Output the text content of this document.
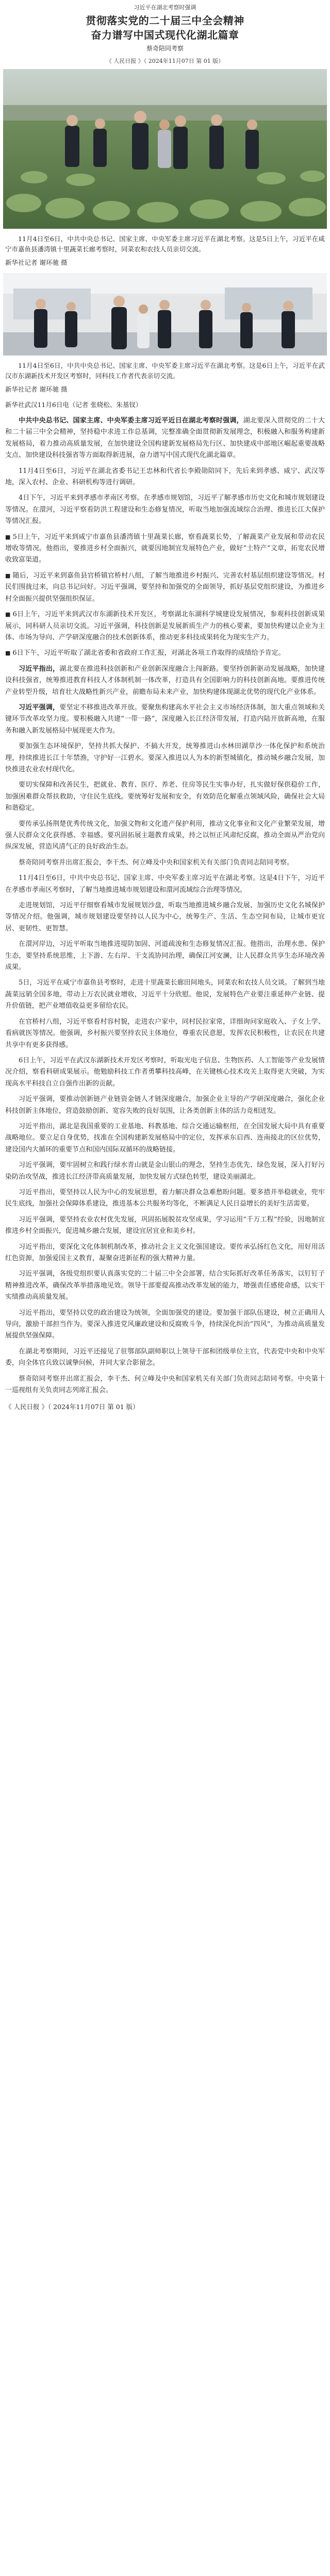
习近平在湖北考察时强调
贯彻落实党的二十届三中全会精神
奋力谱写中国式现代化湖北篇章
蔡奇陪同考察
《 人民日报 》（ 2024年11月07日 第 01 版）
11月4日至6日，中共中央总书记、国家主席、中央军委主席习近平在湖北考察。这是5日上午，习近平在咸宁市嘉鱼县潘湾镇十里蔬菜长廊考察时，同菜农和农技人员亲切交流。
新华社记者 谢环驰 摄
11月4日至6日，中共中央总书记、国家主席、中央军委主席习近平在湖北考察。这是6日上午，习近平在武汉市东湖新技术开发区考察时，同科技工作者代表亲切交流。
新华社记者 谢环驰 摄
新华社武汉11月6日电（记者 张晓松、朱基钗）

中共中央总书记、国家主席、中央军委主席习近平近日在湖北考察时强调，湖北要深入贯彻党的二十大和二十届三中全会精神，坚持稳中求进工作总基调，完整准确全面贯彻新发展理念，积极融入和服务构建新发展格局，着力推动高质量发展，在加快建设全国构建新发展格局先行区、加快建成中部地区崛起重要战略支点、加快建设科技强省等方面取得新进展，奋力谱写中国式现代化湖北篇章。

11月4日至6日，习近平在湖北省委书记王忠林和代省长李殿勋陪同下，先后来到孝感、咸宁、武汉等地，深入农村、企业、科研机构等进行调研。

4日下午，习近平来到孝感市孝南区考察。在孝感市规划馆，习近平了解孝感市历史文化和城市规划建设等情况。在澴河，习近平察看防洪工程建设和生态修复情况，听取当地加强流域综合治理、推进长江大保护等情况汇报。

■ 5日上午，习近平来到咸宁市嘉鱼县潘湾镇十里蔬菜长廊，察看蔬菜长势，了解蔬菜产业发展和带动农民增收等情况。他指出，要推进乡村全面振兴，就要因地制宜发展特色产业，做好“土特产”文章，拓宽农民增收致富渠道。

■ 随后，习近平来到嘉鱼县官桥镇官桥村八组，了解当地推进乡村振兴、完善农村基层组织建设等情况。村民们围拢过来，向总书记问好。习近平强调，要坚持和加强党的全面领导，抓好基层党组织建设，为推进乡村全面振兴提供坚强组织保证。

■ 6日上午，习近平来到武汉市东湖新技术开发区，考察湖北东湖科学城建设发展情况，参观科技创新成果展示，同科研人员亲切交流。习近平强调，科技创新是发展新质生产力的核心要素，要加快构建以企业为主体、市场为导向、产学研深度融合的技术创新体系，推动更多科技成果转化为现实生产力。

■ 6日下午，习近平听取了湖北省委和省政府工作汇报，对湖北各项工作取得的成绩给予肯定。

习近平指出，湖北要在推进科技创新和产业创新深度融合上闯新路。要坚持创新驱动发展战略，加快建设科技强省，统筹推进教育科技人才体制机制一体改革，打造具有全国影响力的科技创新高地。要推进传统产业转型升级，培育壮大战略性新兴产业，前瞻布局未来产业，加快构建体现湖北优势的现代化产业体系。

习近平强调，要坚定不移推进改革开放。要聚焦构建高水平社会主义市场经济体制，加大重点领域和关键环节改革攻坚力度。要积极融入共建“一带一路”，深度融入长江经济带发展，打造内陆开放新高地，在服务和融入新发展格局中展现更大作为。

要加强生态环境保护，坚持共抓大保护、不搞大开发，统筹推进山水林田湖草沙一体化保护和系统治理，持续推进长江十年禁渔，守护好一江碧水。要深入推进以人为本的新型城镇化，推动城乡融合发展，加快推进农业农村现代化。

要切实保障和改善民生，把就业、教育、医疗、养老、住房等民生实事办好，扎实做好保供稳价工作，加强困难群众帮扶救助，守住民生底线。要统筹好发展和安全，有效防范化解重点领域风险，确保社会大局和谐稳定。

要传承弘扬荆楚优秀传统文化，加强文物和文化遗产保护利用，推动文化事业和文化产业繁荣发展，增强人民群众文化获得感、幸福感。要巩固拓展主题教育成果，持之以恒正风肃纪反腐，推动全面从严治党向纵深发展，营造风清气正的良好政治生态。

蔡奇陪同考察并出席汇报会，李干杰、何立峰及中央和国家机关有关部门负责同志陪同考察。

11月4日至6日，中共中央总书记、国家主席、中央军委主席习近平在湖北考察。这是4日下午，习近平在孝感市孝南区考察时，了解当地推进城市规划建设和澴河流域综合治理等情况。

走进规划馆，习近平仔细察看城市发展规划沙盘，听取当地推进城乡融合发展、加强历史文化名城保护等情况介绍。他强调，城市规划建设要坚持以人民为中心，统筹生产、生活、生态空间布局，让城市更宜居、更韧性、更智慧。

在澴河岸边，习近平听取当地推进堤防加固、河道疏浚和生态修复情况汇报。他指出，治理水患、保护生态，要坚持系统思维，上下游、左右岸、干支流协同治理，确保江河安澜，让人民群众共享生态环境改善成果。

5日，习近平在咸宁市嘉鱼县考察时，走进十里蔬菜长廊田间地头，同菜农和农技人员交谈。了解到当地蔬菜远销全国多地，带动上万农民就业增收，习近平十分欣慰。他说，发展特色产业要注重延伸产业链、提升价值链，把产业增值收益更多留给农民。

在官桥村八组，习近平察看村容村貌，走进农户家中，同村民拉家常，详细询问家庭收入、子女上学、看病就医等情况。他强调，乡村振兴要坚持农民主体地位，尊重农民意愿，发挥农民积极性，让农民在共建共享中有更多获得感。

6日上午，习近平在武汉东湖新技术开发区考察时，听取光电子信息、生物医药、人工智能等产业发展情况介绍，察看科研成果展示。他勉励科技工作者勇攀科技高峰，在关键核心技术攻关上取得更大突破，为实现高水平科技自立自强作出新的贡献。

习近平强调，要推动创新链产业链资金链人才链深度融合，加强企业主导的产学研深度融合，强化企业科技创新主体地位，营造鼓励创新、宽容失败的良好氛围，让各类创新主体的活力竞相迸发。

习近平指出，湖北是我国重要的工业基地、科教基地、综合交通运输枢纽，在全国发展大局中具有重要战略地位。要立足自身优势，找准在全国构建新发展格局中的定位，发挥承东启西、连南接北的区位优势，建设国内大循环的重要节点和国内国际双循环的战略链接。

习近平强调，要牢固树立和践行绿水青山就是金山银山的理念，坚持生态优先、绿色发展，深入打好污染防治攻坚战，推进长江经济带高质量发展，加快发展方式绿色转型，建设美丽湖北。

习近平指出，要坚持以人民为中心的发展思想，着力解决群众急难愁盼问题。要多措并举稳就业，兜牢民生底线，加强社会保障体系建设，推进基本公共服务均等化，不断满足人民日益增长的美好生活需要。

习近平强调，要坚持农业农村优先发展，巩固拓展脱贫攻坚成果，学习运用“千万工程”经验，因地制宜推进乡村全面振兴，促进城乡融合发展，建设宜居宜业和美乡村。

习近平指出，要深化文化体制机制改革，推动社会主义文化强国建设。要传承弘扬红色文化，用好用活红色资源，加强爱国主义教育，凝聚奋进新征程的强大精神力量。

习近平强调，各级党组织要认真落实党的二十届三中全会部署，结合实际抓好改革任务落实，以钉钉子精神推进改革，确保改革举措落地见效。领导干部要提高推动改革发展的能力，增强责任感使命感，以实干实绩推动高质量发展。

习近平指出，要坚持以党的政治建设为统领，全面加强党的建设。要加强干部队伍建设，树立正确用人导向，激励干部担当作为。要深入推进党风廉政建设和反腐败斗争，持续深化纠治“四风”，为推动高质量发展提供坚强保障。

在湖北考察期间，习近平还接见了驻鄂部队副师职以上领导干部和团级单位主官，代表党中央和中央军委，向全体官兵致以诚挚问候，并同大家合影留念。

蔡奇陪同考察并出席汇报会，李干杰、何立峰及中央和国家机关有关部门负责同志陪同考察。中央第十一巡视组有关负责同志列席汇报会。

《 人民日报 》（ 2024年11月07日 第 01 版）
